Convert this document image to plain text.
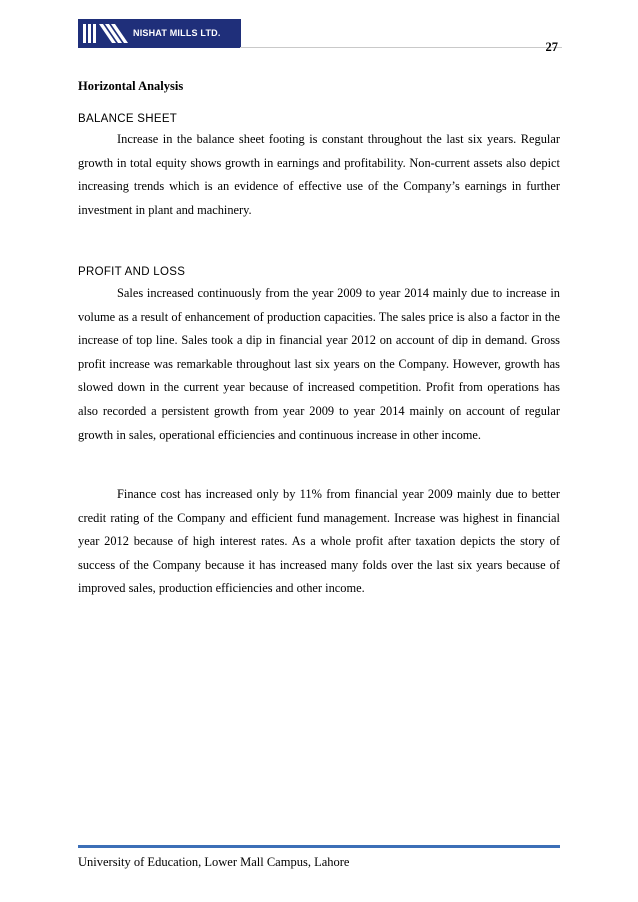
NISHAT MILLS LTD.
27
Horizontal Analysis
BALANCE SHEET

Increase in the balance sheet footing is constant throughout the last six years. Regular growth in total equity shows growth in earnings and profitability. Non-current assets also depict increasing trends which is an evidence of effective use of the Company’s earnings in further investment in plant and machinery.

PROFIT AND LOSS

Sales increased continuously from the year 2009 to year 2014 mainly due to increase in volume as a result of enhancement of production capacities. The sales price is also a factor in the increase of top line. Sales took a dip in financial year 2012 on account of dip in demand. Gross profit increase was remarkable throughout last six years on the Company. However, growth has slowed down in the current year because of increased competition. Profit from operations has also recorded a persistent growth from year 2009 to year 2014 mainly on account of regular growth in sales, operational efficiencies and continuous increase in other income.

Finance cost has increased only by 11% from financial year 2009 mainly due to better credit rating of the Company and efficient fund management. Increase was highest in financial year 2012 because of high interest rates. As a whole profit after taxation depicts the story of success of the Company because it has increased many folds over the last six years because of improved sales, production efficiencies and other income.

University of Education, Lower Mall Campus, Lahore
